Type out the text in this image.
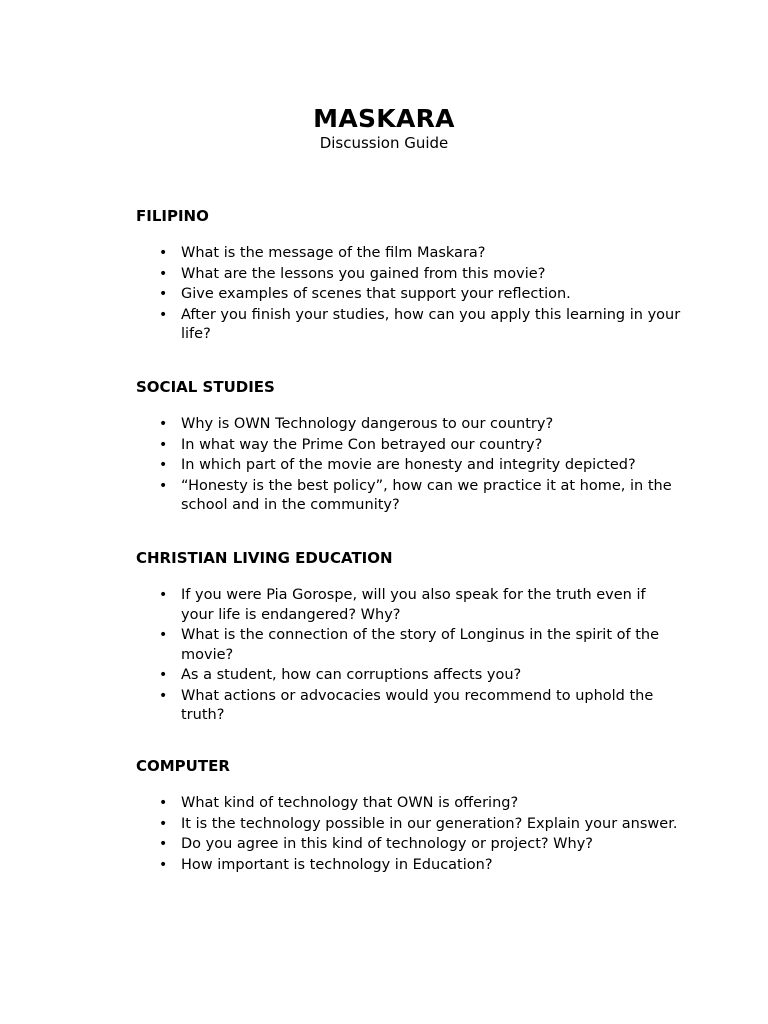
MASKARA
Discussion Guide
FILIPINO
• What is the message of the film Maskara?
• What are the lessons you gained from this movie?
• Give examples of scenes that support your reflection.
• After you finish your studies, how can you apply this learning in your life?
SOCIAL STUDIES
• Why is OWN Technology dangerous to our country?
• In what way the Prime Con betrayed our country?
• In which part of the movie are honesty and integrity depicted?
• “Honesty is the best policy”, how can we practice it at home, in the school and in the community?
CHRISTIAN LIVING EDUCATION
• If you were Pia Gorospe, will you also speak for the truth even if your life is endangered? Why?
• What is the connection of the story of Longinus in the spirit of the movie?
• As a student, how can corruptions affects you?
• What actions or advocacies would you recommend to uphold the truth?
COMPUTER
• What kind of technology that OWN is offering?
• It is the technology possible in our generation? Explain your answer.
• Do you agree in this kind of technology or project? Why?
• How important is technology in Education?
